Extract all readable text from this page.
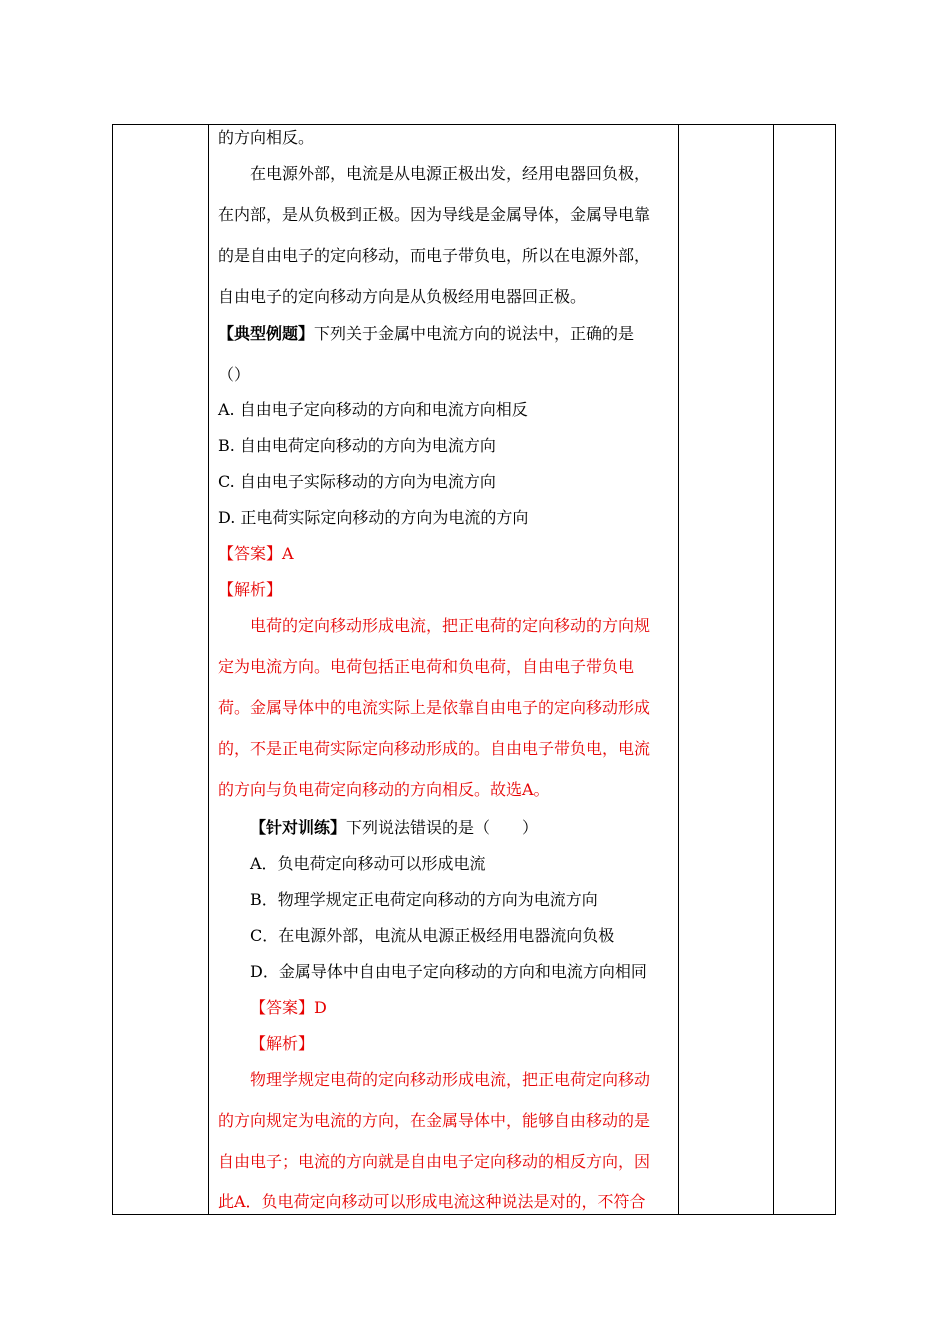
的方向相反。
在电源外部，电流是从电源正极出发，经用电器回负极，
在内部，是从负极到正极。因为导线是金属导体，金属导电靠
的是自由电子的定向移动，而电子带负电，所以在电源外部，
自由电子的定向移动方向是从负极经用电器回正极。
【典型例题】下列关于金属中电流方向的说法中，正确的是
（）
A. 自由电子定向移动的方向和电流方向相反
B. 自由电荷定向移动的方向为电流方向
C. 自由电子实际移动的方向为电流方向
D. 正电荷实际定向移动的方向为电流的方向
【答案】A
【解析】
电荷的定向移动形成电流，把正电荷的定向移动的方向规
定为电流方向。电荷包括正电荷和负电荷，自由电子带负电
荷。金属导体中的电流实际上是依靠自由电子的定向移动形成
的，不是正电荷实际定向移动形成的。自由电子带负电，电流
的方向与负电荷定向移动的方向相反。故选A。
【针对训练】下列说法错误的是（　　）
A．负电荷定向移动可以形成电流
B．物理学规定正电荷定向移动的方向为电流方向
C．在电源外部，电流从电源正极经用电器流向负极
D．金属导体中自由电子定向移动的方向和电流方向相同
【答案】D
【解析】
物理学规定电荷的定向移动形成电流，把正电荷定向移动
的方向规定为电流的方向，在金属导体中，能够自由移动的是
自由电子；电流的方向就是自由电子定向移动的相反方向，因
此A．负电荷定向移动可以形成电流这种说法是对的，不符合
